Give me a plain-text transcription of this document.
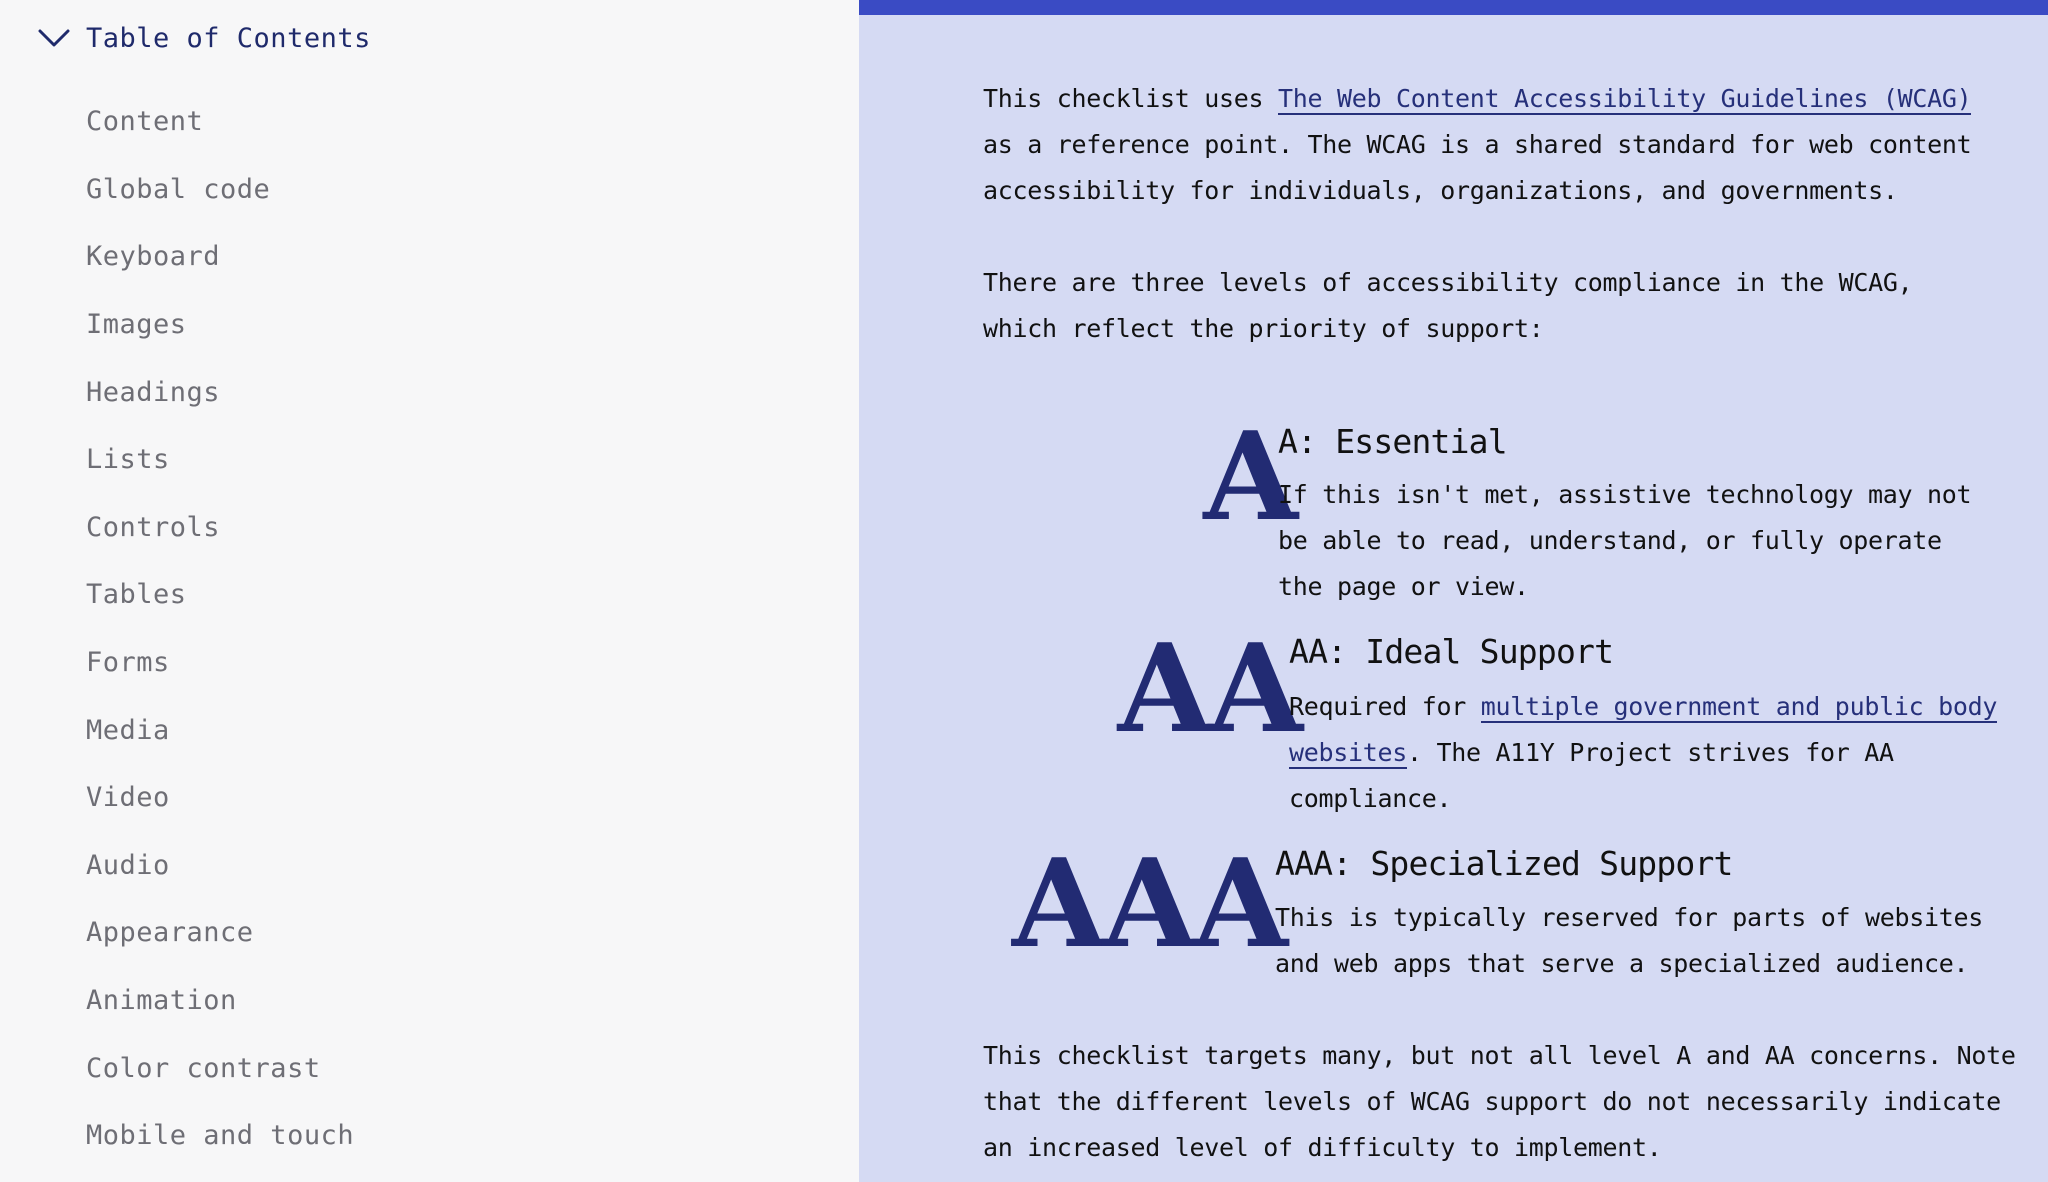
Table of Contents
Content
Global code
Keyboard
Images
Headings
Lists
Controls
Tables
Forms
Media
Video
Audio
Appearance
Animation
Color contrast
Mobile and touch

This checklist uses The Web Content Accessibility Guidelines (WCAG) as a reference point. The WCAG is a shared standard for web content accessibility for individuals, organizations, and governments.

There are three levels of accessibility compliance in the WCAG, which reflect the priority of support:

A
A: Essential

If this isn't met, assistive technology may not be able to read, understand, or fully operate the page or view.

AA
AA: Ideal Support

Required for multiple government and public body websites. The A11Y Project strives for AA compliance.

AAA
AAA: Specialized Support

This is typically reserved for parts of websites and web apps that serve a specialized audience.

This checklist targets many, but not all level A and AA concerns. Note that the different levels of WCAG support do not necessarily indicate an increased level of difficulty to implement.
